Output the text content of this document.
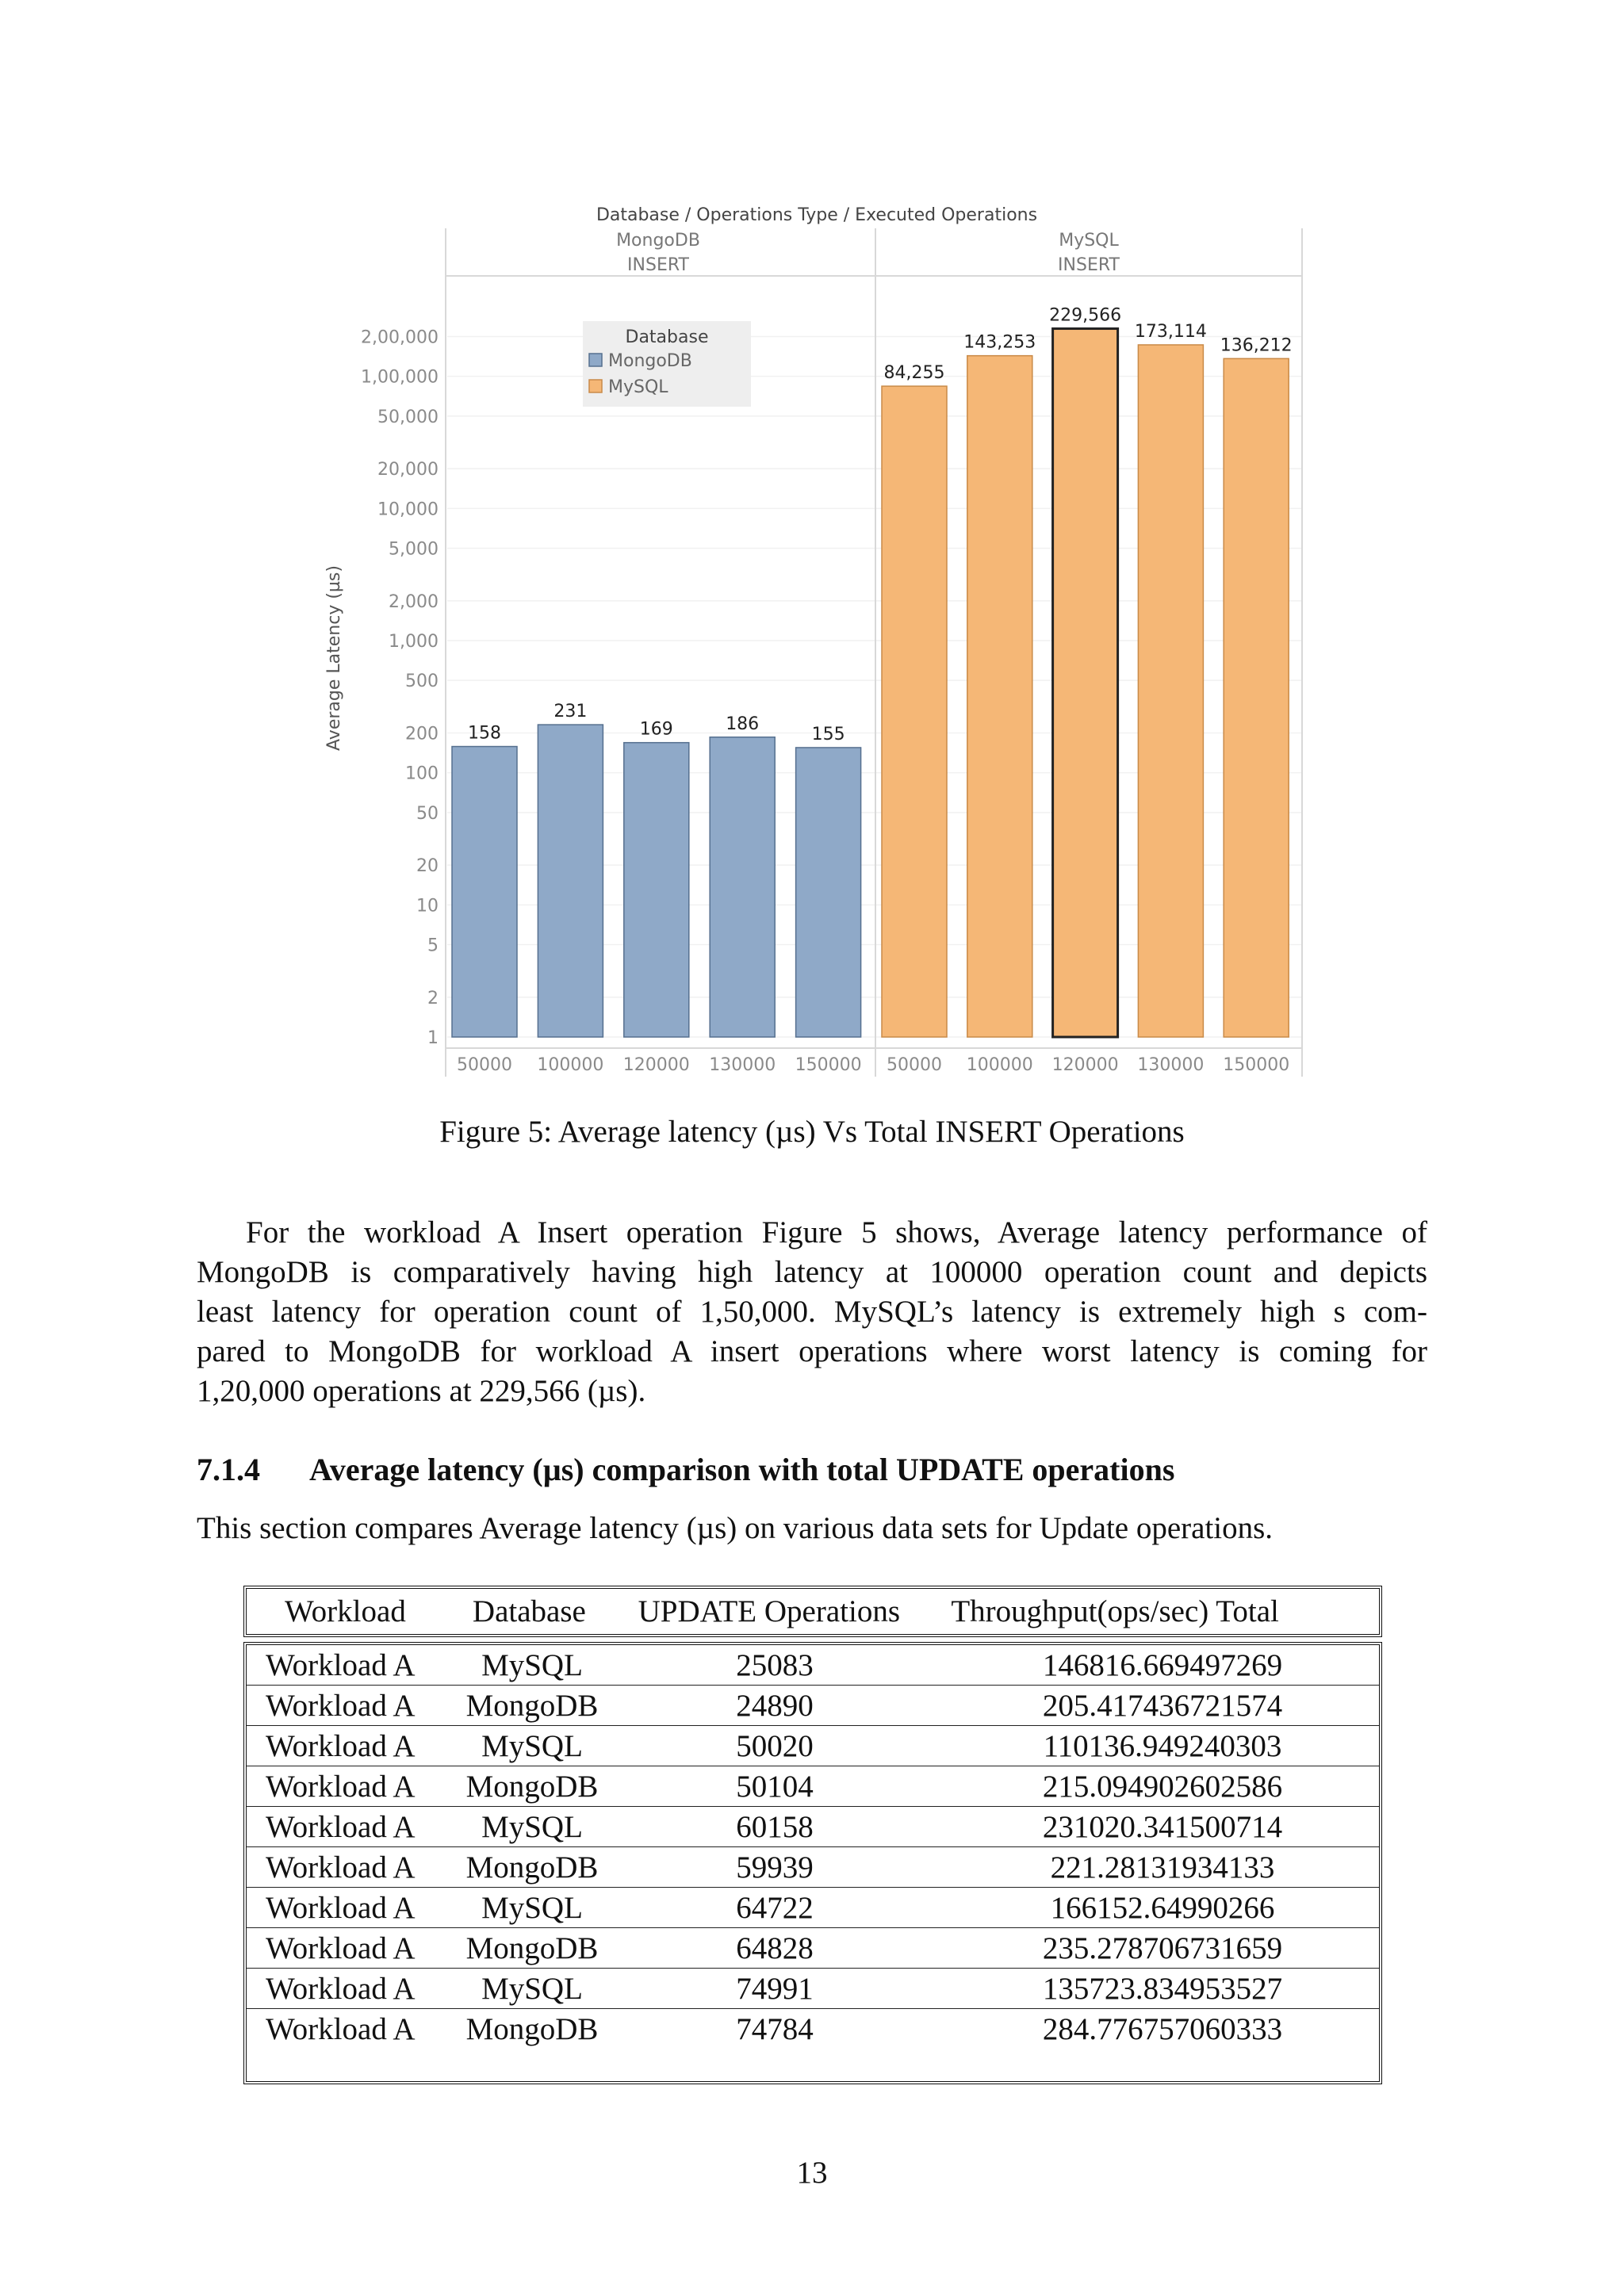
Database / Operations Type / Executed Operations
MongoDB
INSERT
MySQL
INSERT
1
2
5
10
20
50
100
200
500
1,000
2,000
5,000
10,000
20,000
50,000
1,00,000
2,00,000
Average Latency (µs)	158
50000
231
100000
169
120000
186
130000
155
150000
84,255
50000
143,253
100000
229,566
120000
173,114
130000
136,212
150000
Database
MongoDB
MySQL
Figure 5: Average latency (µs) Vs Total INSERT Operations
For the workload A Insert operation Figure 5 shows, Average latency performance of
MongoDB is comparatively having high latency at 100000 operation count and depicts
least latency for operation count of 1,50,000. MySQL’s latency is extremely high s com-
pared to MongoDB for workload A insert operations where worst latency is coming for
1,20,000 operations at 229,566 (µs).
7.1.4 Average latency (µs) comparison with total UPDATE operations
This section compares Average latency (µs) on various data sets for Update operations.
Workload	Database	UPDATE Operations	Throughput(ops/sec) Total
Workload A	MySQL	25083	146816.669497269
Workload A	MongoDB	24890	205.417436721574
Workload A	MySQL	50020	110136.949240303
Workload A	MongoDB	50104	215.094902602586
Workload A	MySQL	60158	231020.341500714
Workload A	MongoDB	59939	221.28131934133
Workload A	MySQL	64722	166152.64990266
Workload A	MongoDB	64828	235.278706731659
Workload A	MySQL	74991	135723.834953527
Workload A	MongoDB	74784	284.776757060333
13
